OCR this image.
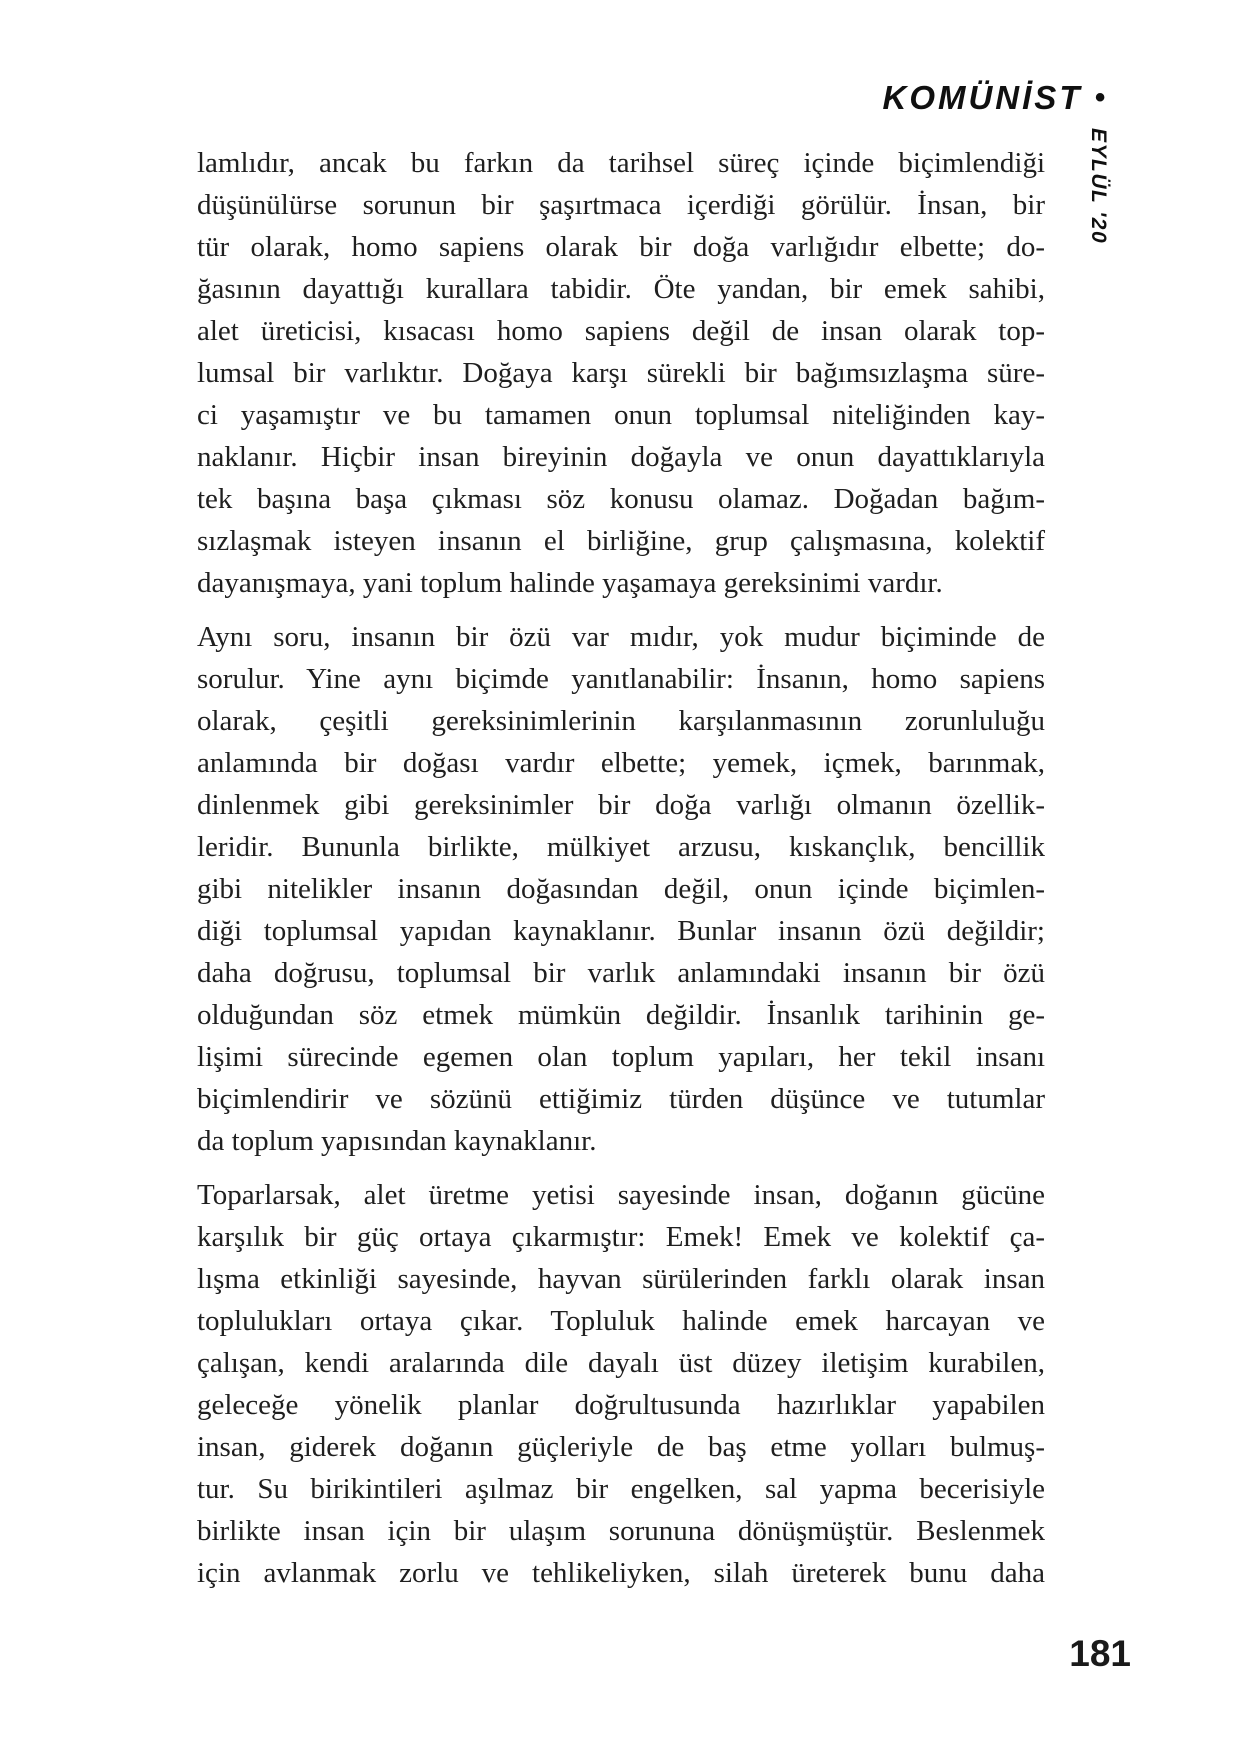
KOMÜNİST •
EYLÜL '20
lamlıdır, ancak bu farkın da tarihsel süreç içinde biçimlendiği
düşünülürse sorunun bir şaşırtmaca içerdiği görülür. İnsan, bir
tür olarak, homo sapiens olarak bir doğa varlığıdır elbette; do-
ğasının dayattığı kurallara tabidir. Öte yandan, bir emek sahibi,
alet üreticisi, kısacası homo sapiens değil de insan olarak top-
lumsal bir varlıktır. Doğaya karşı sürekli bir bağımsızlaşma süre-
ci yaşamıştır ve bu tamamen onun toplumsal niteliğinden kay-
naklanır. Hiçbir insan bireyinin doğayla ve onun dayattıklarıyla
tek başına başa çıkması söz konusu olamaz. Doğadan bağım-
sızlaşmak isteyen insanın el birliğine, grup çalışmasına, kolektif
dayanışmaya, yani toplum halinde yaşamaya gereksinimi vardır.
Aynı soru, insanın bir özü var mıdır, yok mudur biçiminde de
sorulur. Yine aynı biçimde yanıtlanabilir: İnsanın, homo sapiens
olarak, çeşitli gereksinimlerinin karşılanmasının zorunluluğu
anlamında bir doğası vardır elbette; yemek, içmek, barınmak,
dinlenmek gibi gereksinimler bir doğa varlığı olmanın özellik-
leridir. Bununla birlikte, mülkiyet arzusu, kıskançlık, bencillik
gibi nitelikler insanın doğasından değil, onun içinde biçimlen-
diği toplumsal yapıdan kaynaklanır. Bunlar insanın özü değildir;
daha doğrusu, toplumsal bir varlık anlamındaki insanın bir özü
olduğundan söz etmek mümkün değildir. İnsanlık tarihinin ge-
lişimi sürecinde egemen olan toplum yapıları, her tekil insanı
biçimlendirir ve sözünü ettiğimiz türden düşünce ve tutumlar
da toplum yapısından kaynaklanır.
Toparlarsak, alet üretme yetisi sayesinde insan, doğanın gücüne
karşılık bir güç ortaya çıkarmıştır: Emek! Emek ve kolektif ça-
lışma etkinliği sayesinde, hayvan sürülerinden farklı olarak insan
toplulukları ortaya çıkar. Topluluk halinde emek harcayan ve
çalışan, kendi aralarında dile dayalı üst düzey iletişim kurabilen,
geleceğe yönelik planlar doğrultusunda hazırlıklar yapabilen
insan, giderek doğanın güçleriyle de baş etme yolları bulmuş-
tur. Su birikintileri aşılmaz bir engelken, sal yapma becerisiyle
birlikte insan için bir ulaşım sorununa dönüşmüştür. Beslenmek
için avlanmak zorlu ve tehlikeliyken, silah üreterek bunu daha
181
